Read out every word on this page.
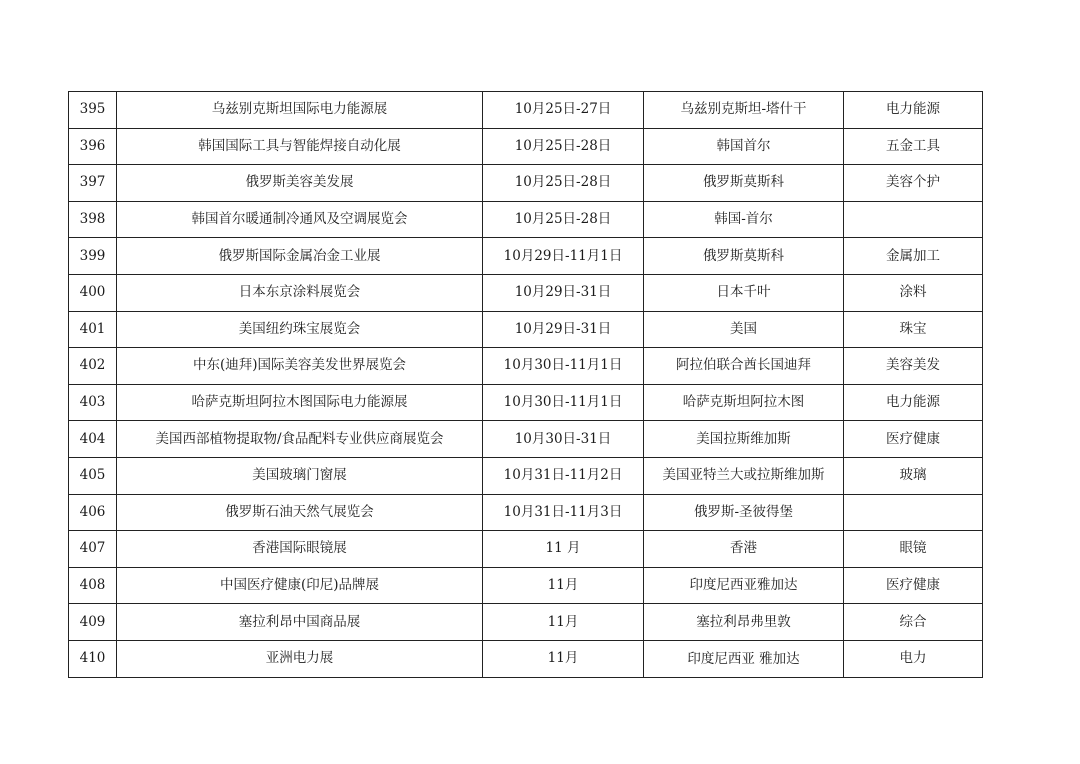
395	乌兹别克斯坦国际电力能源展	10月25日-27日	乌兹别克斯坦-塔什干	电力能源
396	韩国国际工具与智能焊接自动化展	10月25日-28日	韩国首尔	五金工具
397	俄罗斯美容美发展	10月25日-28日	俄罗斯莫斯科	美容个护
398	韩国首尔暖通制冷通风及空调展览会	10月25日-28日	韩国-首尔	
399	俄罗斯国际金属冶金工业展	10月29日-11月1日	俄罗斯莫斯科	金属加工
400	日本东京涂料展览会	10月29日-31日	日本千叶	涂料
401	美国纽约珠宝展览会	10月29日-31日	美国	珠宝
402	中东(迪拜)国际美容美发世界展览会	10月30日-11月1日	阿拉伯联合酋长国迪拜	美容美发
403	哈萨克斯坦阿拉木图国际电力能源展	10月30日-11月1日	哈萨克斯坦阿拉木图	电力能源
404	美国西部植物提取物/食品配料专业供应商展览会	10月30日-31日	美国拉斯维加斯	医疗健康
405	美国玻璃门窗展	10月31日-11月2日	美国亚特兰大或拉斯维加斯	玻璃
406	俄罗斯石油天然气展览会	10月31日-11月3日	俄罗斯-圣彼得堡	
407	香港国际眼镜展	11 月	香港	眼镜
408	中国医疗健康(印尼)品牌展	11月	印度尼西亚雅加达	医疗健康
409	塞拉利昂中国商品展	11月	塞拉利昂弗里敦	综合
410	亚洲电力展	11月	印度尼西亚 雅加达	电力
